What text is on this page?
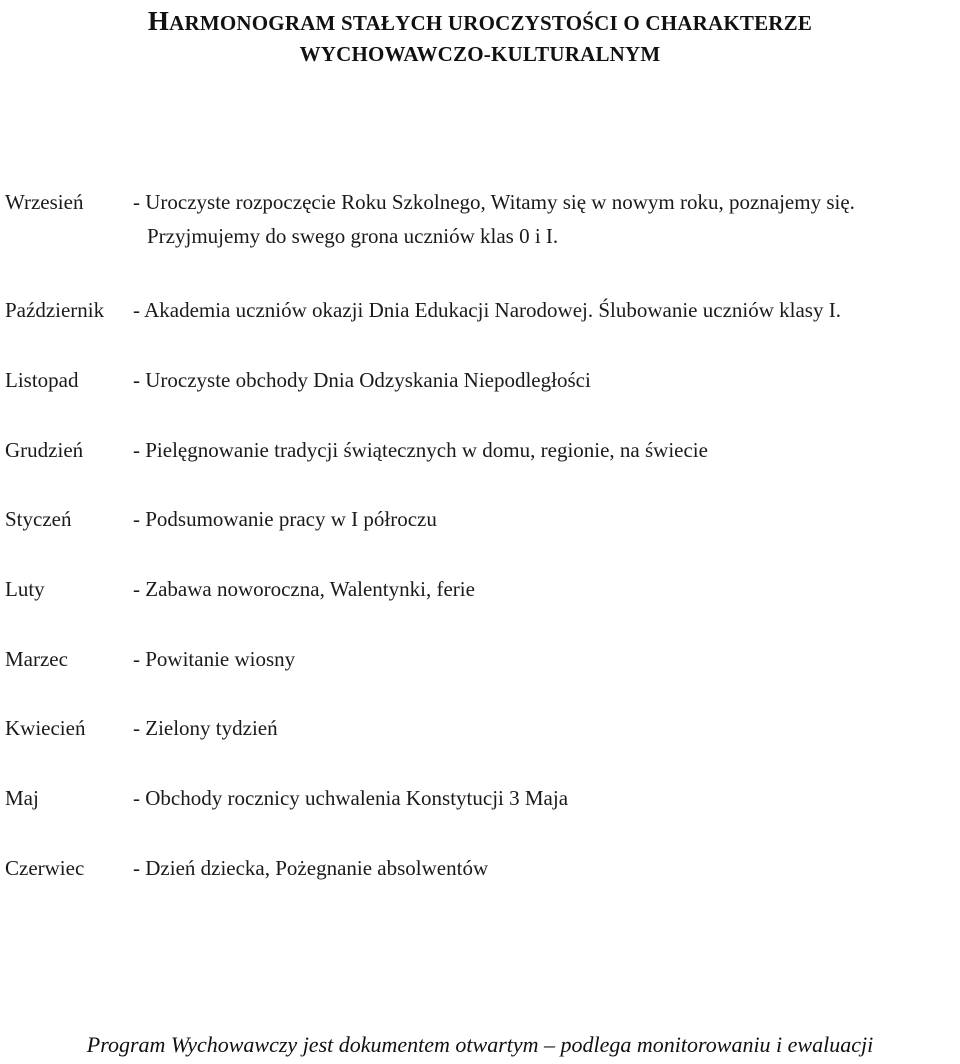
HARMONOGRAM STAŁYCH UROCZYSTOŚCI O CHARAKTERZE
WYCHOWAWCZO-KULTURALNYM
Wrzesień - Uroczyste rozpoczęcie Roku Szkolnego, Witamy się w nowym roku, poznajemy się.
Przyjmujemy do swego grona uczniów klas 0 i I.
Październik - Akademia uczniów okazji Dnia Edukacji Narodowej. Ślubowanie uczniów klasy I.
Listopad	- Uroczyste obchody Dnia Odzyskania Niepodległości
Grudzień - Pielęgnowanie tradycji świątecznych w domu, regionie, na świecie
Styczeń	- Podsumowanie pracy w I półroczu
Luty	- Zabawa noworoczna, Walentynki, ferie
Marzec	- Powitanie wiosny
Kwiecień - Zielony tydzień
Maj	- Obchody rocznicy uchwalenia Konstytucji 3 Maja
Czerwiec - Dzień dziecka, Pożegnanie absolwentów
Program Wychowawczy jest dokumentem otwartym – podlega monitorowaniu i ewaluacji
